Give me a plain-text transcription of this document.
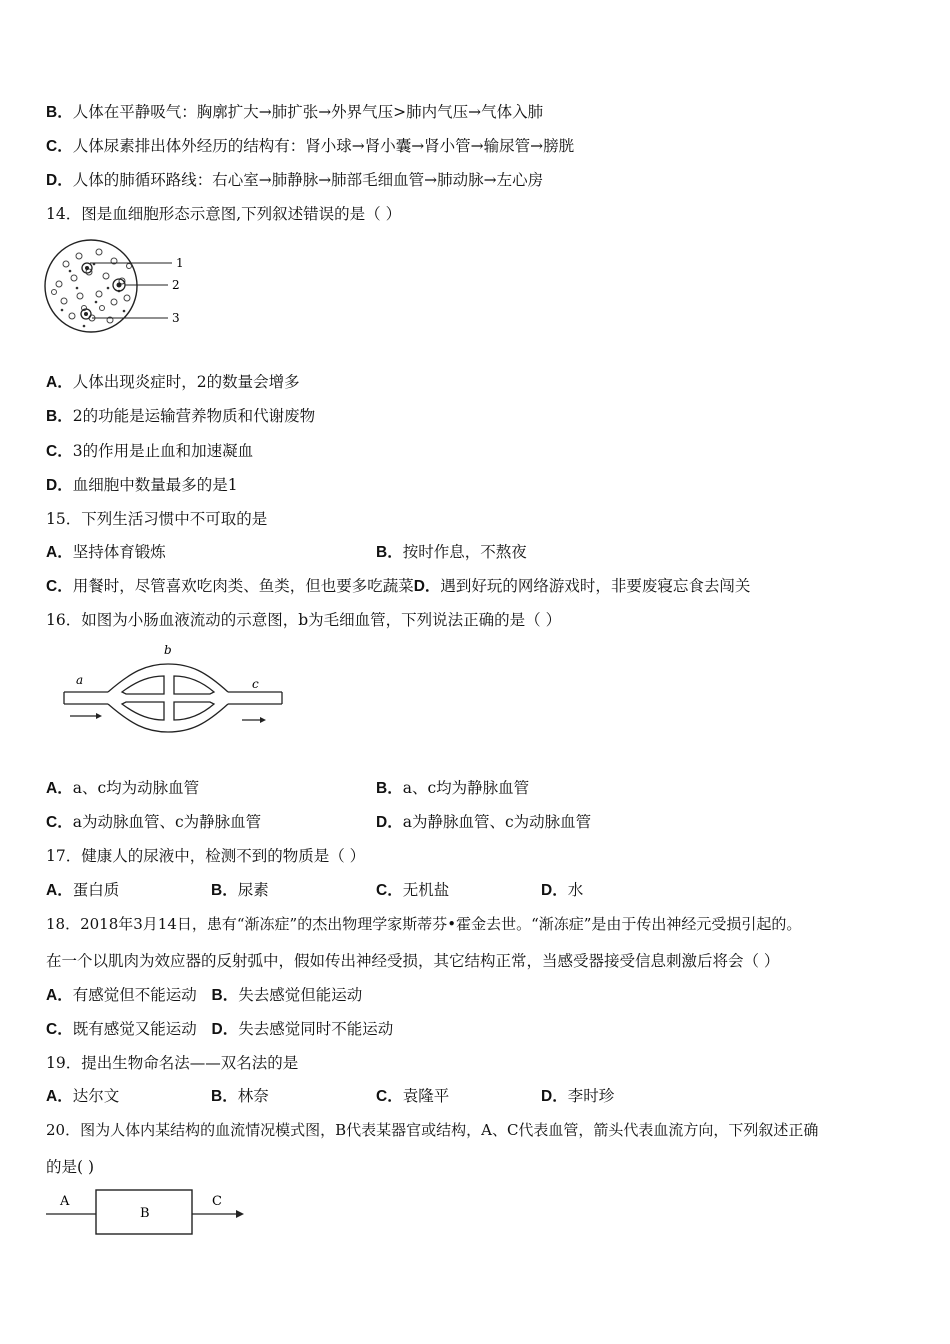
B．人体在平静吸气：胸廓扩大→肺扩张→外界气压>肺内气压→气体入肺
C．人体尿素排出体外经历的结构有：肾小球→肾小囊→肾小管→输尿管→膀胱
D．人体的肺循环路线：右心室→肺静脉→肺部毛细血管→肺动脉→左心房
14．图是血细胞形态示意图,下列叙述错误的是（ ）
1
2
3
A．人体出现炎症时，2的数量会增多
B．2的功能是运输营养物质和代谢废物
C．3的作用是止血和加速凝血
D．血细胞中数量最多的是1
15．下列生活习惯中不可取的是
A．坚持体育锻炼	B．按时作息，不熬夜
C．用餐时，尽管喜欢吃肉类、鱼类，但也要多吃蔬菜D．遇到好玩的网络游戏时，非要废寝忘食去闯关
16．如图为小肠血液流动的示意图，b为毛细血管，下列说法正确的是（ ）
a
b
c
A．a、c均为动脉血管	B．a、c均为静脉血管
C．a为动脉血管、c为静脉血管	D．a为静脉血管、c为动脉血管
17．健康人的尿液中，检测不到的物质是（ ）
A．蛋白质	B．尿素	C．无机盐	D．水
18．2018年3月14日，患有“渐冻症”的杰出物理学家斯蒂芬•霍金去世。“渐冻症”是由于传出神经元受损引起的。
在一个以肌肉为效应器的反射弧中，假如传出神经受损，其它结构正常，当感受器接受信息刺激后将会（ ）
A．有感觉但不能运动 B．失去感觉但能运动
C．既有感觉又能运动 D．失去感觉同时不能运动
19．提出生物命名法——双名法的是
A．达尔文	B．林奈	C．袁隆平	D．李时珍
20．图为人体内某结构的血流情况模式图，B代表某器官或结构，A、C代表血管，箭头代表血流方向，下列叙述正确
的是( )
A
B
C
